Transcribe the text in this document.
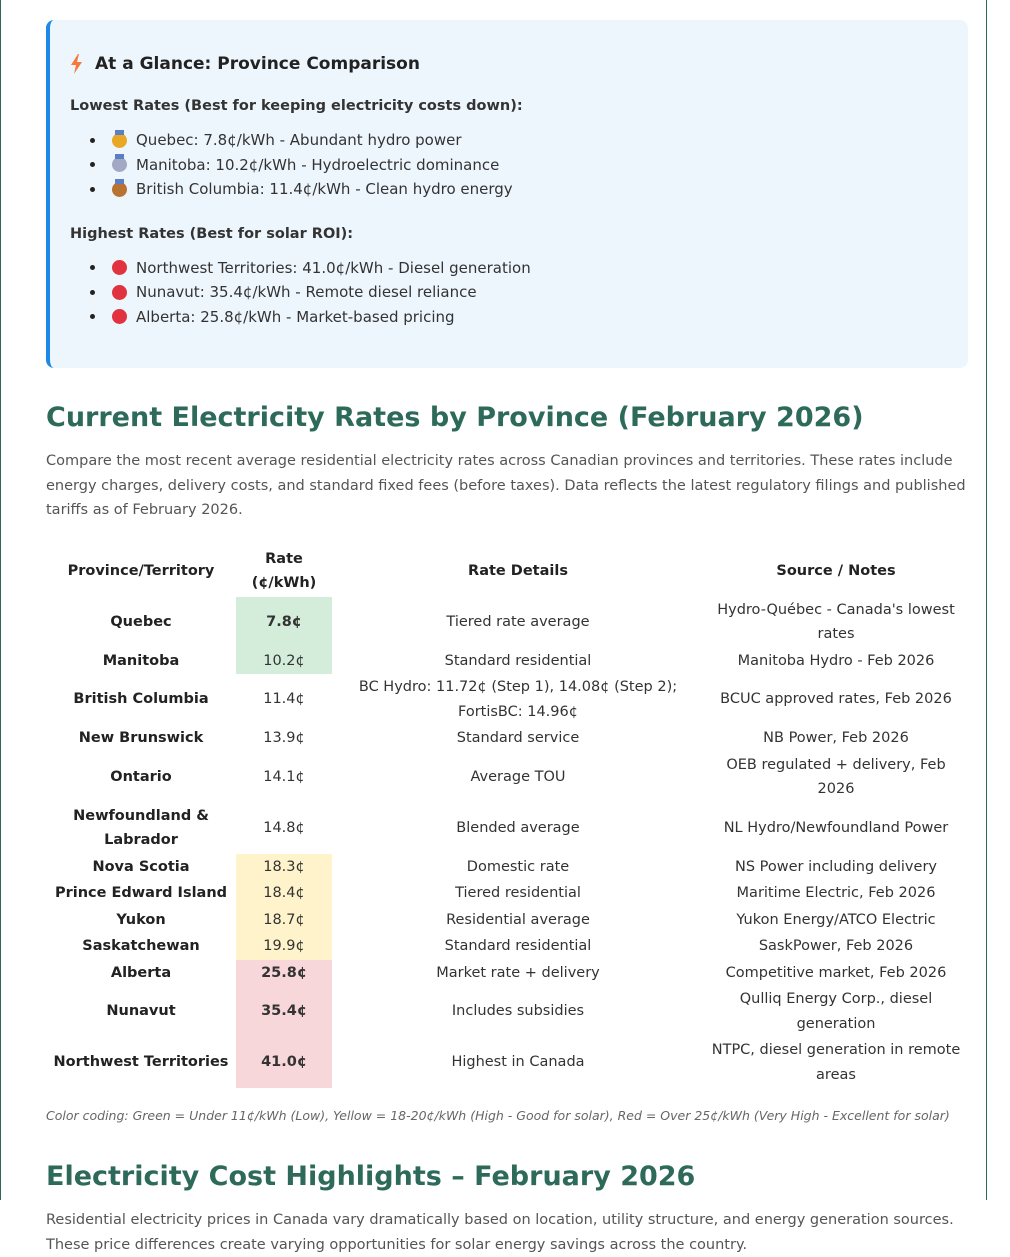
At a Glance: Province Comparison
Lowest Rates (Best for keeping electricity costs down):
Quebec: 7.8¢/kWh - Abundant hydro power
Manitoba: 10.2¢/kWh - Hydroelectric dominance
British Columbia: 11.4¢/kWh - Clean hydro energy
Highest Rates (Best for solar ROI):
Northwest Territories: 41.0¢/kWh - Diesel generation
Nunavut: 35.4¢/kWh - Remote diesel reliance
Alberta: 25.8¢/kWh - Market-based pricing
Current Electricity Rates by Province (February 2026)

Compare the most recent average residential electricity rates across Canadian provinces and territories. These rates include energy charges, delivery costs, and standard fixed fees (before taxes). Data reflects the latest regulatory filings and published tariffs as of February 2026.

Province/Territory	Rate (¢/kWh)	Rate Details	Source / Notes
Quebec	7.8¢	Tiered rate average	Hydro-Québec - Canada's lowest rates
Manitoba	10.2¢	Standard residential	Manitoba Hydro - Feb 2026
British Columbia	11.4¢	BC Hydro: 11.72¢ (Step 1), 14.08¢ (Step 2); FortisBC: 14.96¢	BCUC approved rates, Feb 2026
New Brunswick	13.9¢	Standard service	NB Power, Feb 2026
Ontario	14.1¢	Average TOU	OEB regulated + delivery, Feb 2026
Newfoundland & Labrador	14.8¢	Blended average	NL Hydro/Newfoundland Power
Nova Scotia	18.3¢	Domestic rate	NS Power including delivery
Prince Edward Island	18.4¢	Tiered residential	Maritime Electric, Feb 2026
Yukon	18.7¢	Residential average	Yukon Energy/ATCO Electric
Saskatchewan	19.9¢	Standard residential	SaskPower, Feb 2026
Alberta	25.8¢	Market rate + delivery	Competitive market, Feb 2026
Nunavut	35.4¢	Includes subsidies	Qulliq Energy Corp., diesel generation
Northwest Territories	41.0¢	Highest in Canada	NTPC, diesel generation in remote areas

Color coding: Green = Under 11¢/kWh (Low), Yellow = 18-20¢/kWh (High - Good for solar), Red = Over 25¢/kWh (Very High - Excellent for solar)

Electricity Cost Highlights – February 2026

Residential electricity prices in Canada vary dramatically based on location, utility structure, and energy generation sources. These price differences create varying opportunities for solar energy savings across the country.
